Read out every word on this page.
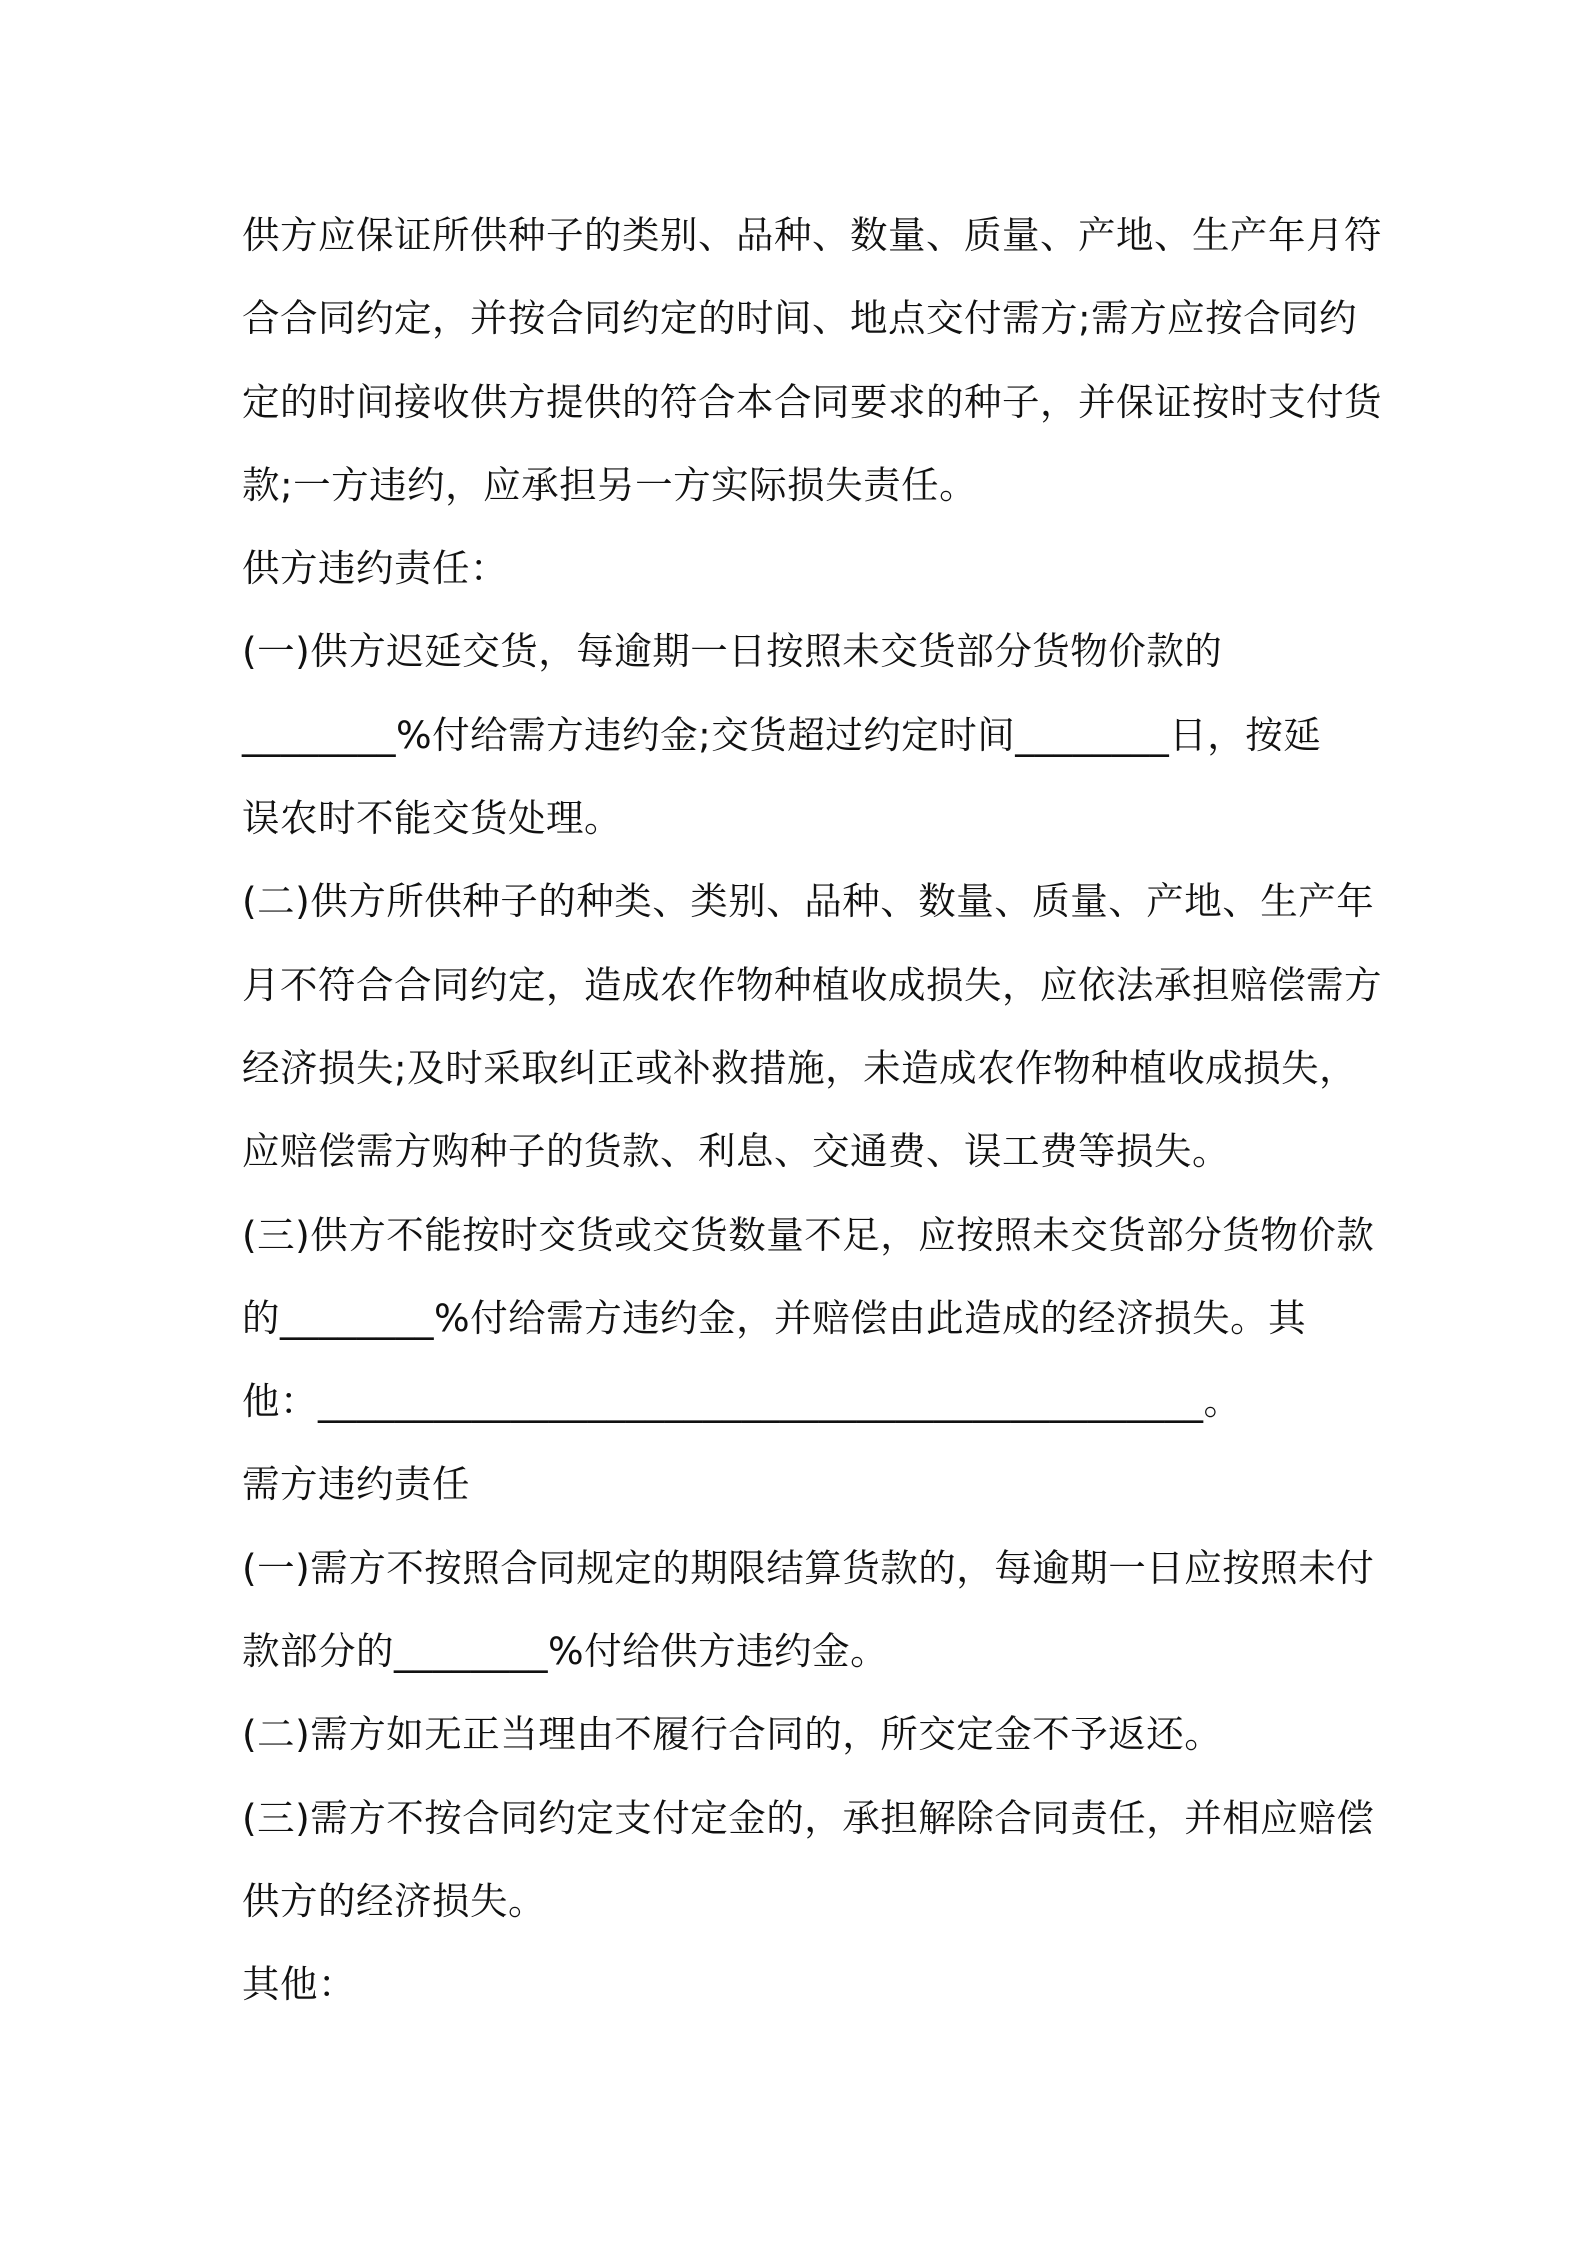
供方应保证所供种子的类别、品种、数量、质量、产地、生产年月符
合合同约定，并按合同约定的时间、地点交付需方;需方应按合同约
定的时间接收供方提供的符合本合同要求的种子，并保证按时支付货
款;一方违约，应承担另一方实际损失责任。

供方违约责任：

(一)供方迟延交货，每逾期一日按照未交货部分货物价款的
________%付给需方违约金;交货超过约定时间________日，按延
误农时不能交货处理。

(二)供方所供种子的种类、类别、品种、数量、质量、产地、生产年
月不符合合同约定，造成农作物种植收成损失，应依法承担赔偿需方
经济损失;及时采取纠正或补救措施，未造成农作物种植收成损失，
应赔偿需方购种子的货款、利息、交通费、误工费等损失。

(三)供方不能按时交货或交货数量不足，应按照未交货部分货物价款
的________%付给需方违约金，并赔偿由此造成的经济损失。其
他：______________________________________________。

需方违约责任

(一)需方不按照合同规定的期限结算货款的，每逾期一日应按照未付
款部分的________%付给供方违约金。

(二)需方如无正当理由不履行合同的，所交定金不予返还。

(三)需方不按合同约定支付定金的，承担解除合同责任，并相应赔偿
供方的经济损失。

其他：
